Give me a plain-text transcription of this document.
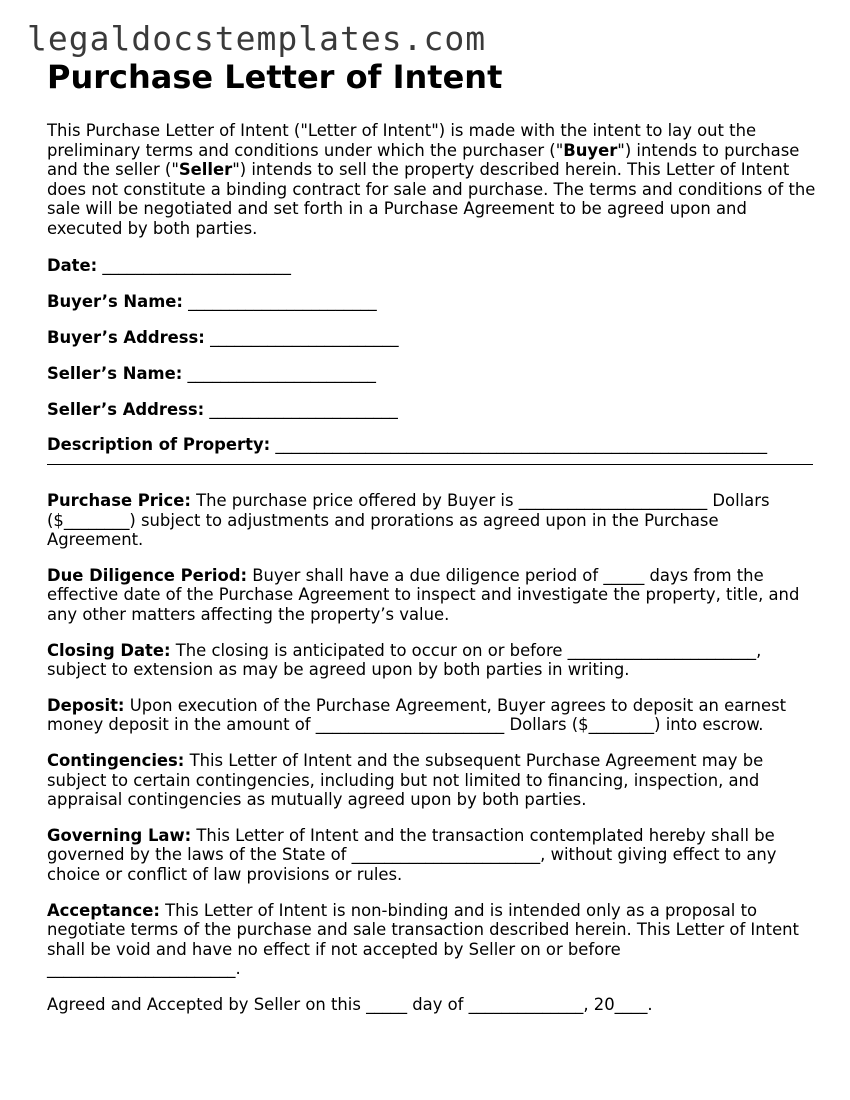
legaldocstemplates.com
Purchase Letter of Intent

This Purchase Letter of Intent ("Letter of Intent") is made with the intent to lay out the preliminary terms and conditions under which the purchaser ("Buyer") intends to purchase and the seller ("Seller") intends to sell the property described herein. This Letter of Intent does not constitute a binding contract for sale and purchase. The terms and conditions of the sale will be negotiated and set forth in a Purchase Agreement to be agreed upon and executed by both parties.

Date: _______________________

Buyer’s Name: _______________________

Buyer’s Address: _______________________

Seller’s Name: _______________________

Seller’s Address: _______________________

Description of Property: ____________________________________________________________

Purchase Price: The purchase price offered by Buyer is _______________________ Dollars ($________) subject to adjustments and prorations as agreed upon in the Purchase Agreement.

Due Diligence Period: Buyer shall have a due diligence period of _____ days from the effective date of the Purchase Agreement to inspect and investigate the property, title, and any other matters affecting the property’s value.

Closing Date: The closing is anticipated to occur on or before _______________________, subject to extension as may be agreed upon by both parties in writing.

Deposit: Upon execution of the Purchase Agreement, Buyer agrees to deposit an earnest money deposit in the amount of _______________________ Dollars ($________) into escrow.

Contingencies: This Letter of Intent and the subsequent Purchase Agreement may be subject to certain contingencies, including but not limited to financing, inspection, and appraisal contingencies as mutually agreed upon by both parties.

Governing Law: This Letter of Intent and the transaction contemplated hereby shall be governed by the laws of the State of _______________________, without giving effect to any choice or conflict of law provisions or rules.

Acceptance: This Letter of Intent is non-binding and is intended only as a proposal to negotiate terms of the purchase and sale transaction described herein. This Letter of Intent shall be void and have no effect if not accepted by Seller on or before _______________________.

Agreed and Accepted by Seller on this _____ day of ______________, 20____.
